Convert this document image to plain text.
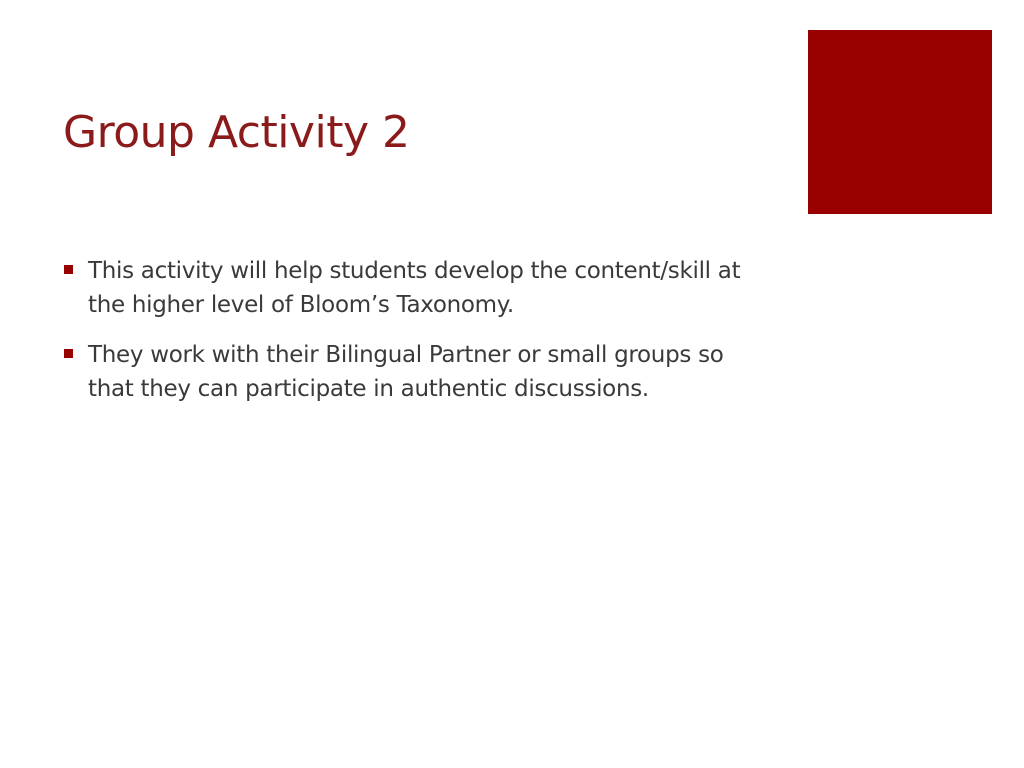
Group Activity 2
This activity will help students develop the content/skill at the higher level of Bloom’s Taxonomy.
They work with their Bilingual Partner or small groups so that they can participate in authentic discussions.
